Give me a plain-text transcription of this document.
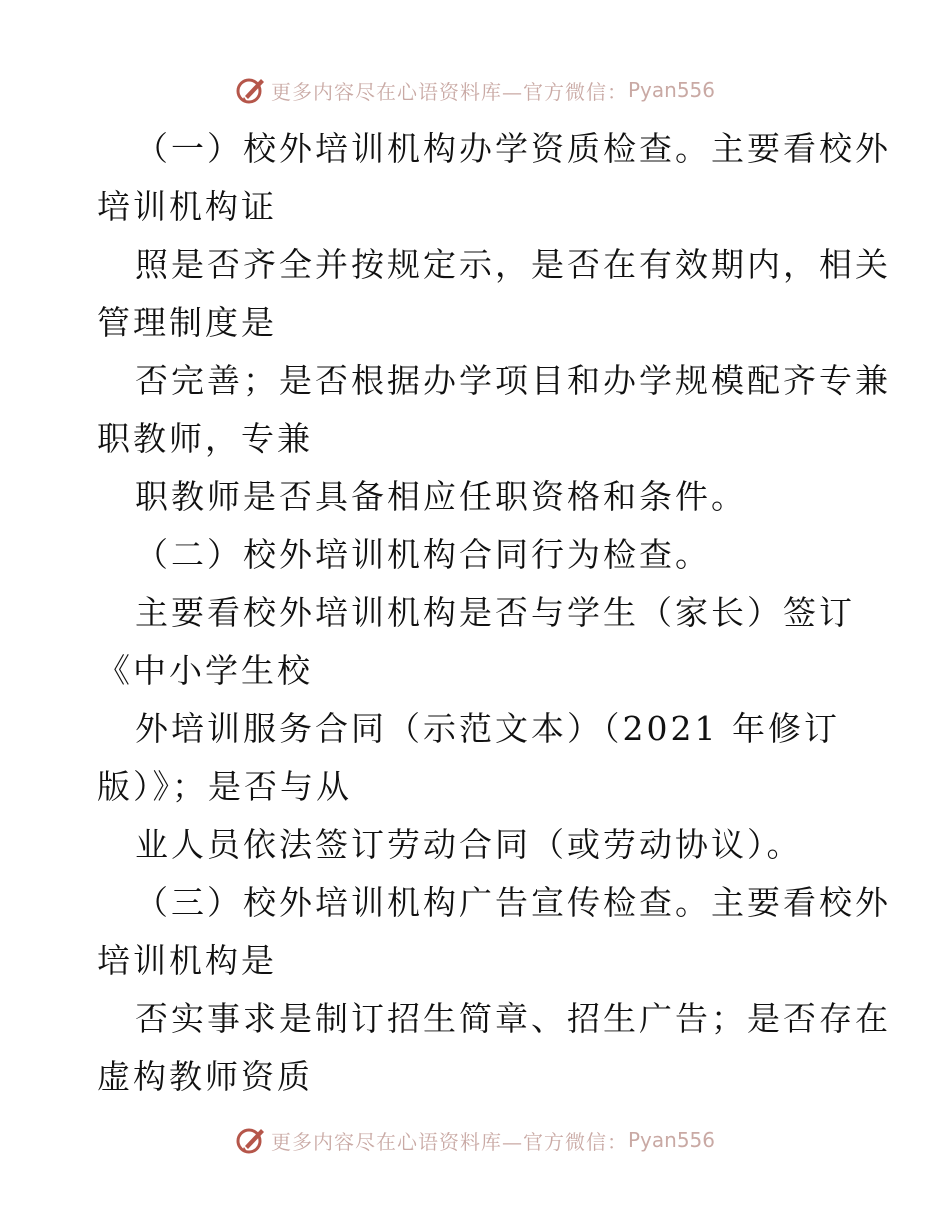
更多内容尽在心语资料库—官方微信： Pyan556
（一）校外培训机构办学资质检查。主要看校外
培训机构证
照是否齐全并按规定示，是否在有效期内，相关
管理制度是
否完善；是否根据办学项目和办学规模配齐专兼
职教师，专兼
职教师是否具备相应任职资格和条件。
（二）校外培训机构合同行为检查。
主要看校外培训机构是否与学生（家长）签订
《中小学生校
外培训服务合同（示范文本）（2021 年修订
版）》；是否与从
业人员依法签订劳动合同（或劳动协议）。
（三）校外培训机构广告宣传检查。主要看校外
培训机构是
否实事求是制订招生简章、招生广告；是否存在
虚构教师资质
更多内容尽在心语资料库—官方微信： Pyan556
